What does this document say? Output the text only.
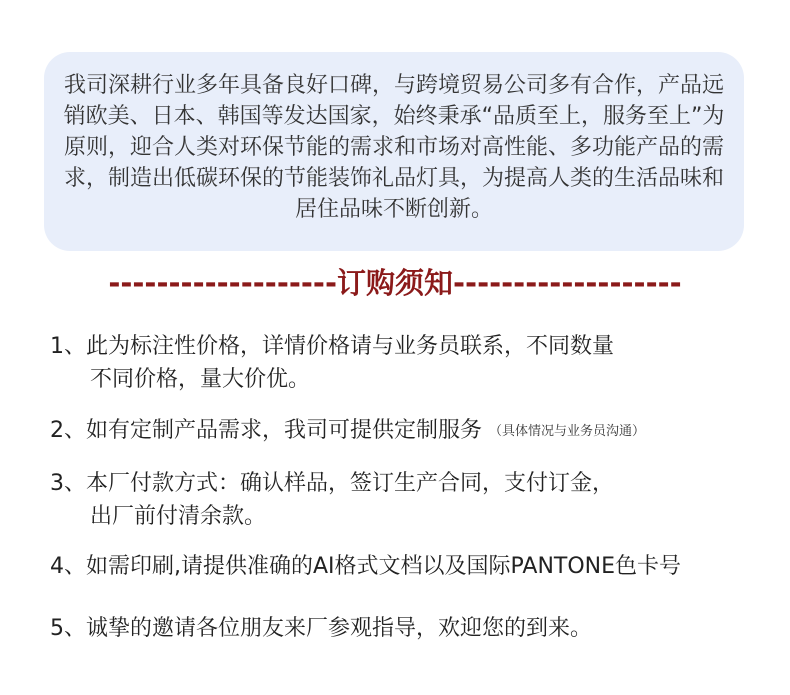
我司深耕行业多年具备良好口碑，与跨境贸易公司多有合作，产品远销欧美、日本、韩国等发达国家，始终秉承“品质至上，服务至上”为原则，迎合人类对环保节能的需求和市场对高性能、多功能产品的需求，制造出低碳环保的节能装饰礼品灯具，为提高人类的生活品味和居住品味不断创新。

-------------------订购须知-------------------
1、此为标注性价格，详情价格请与业务员联系，不同数量
不同价格，量大价优。
2、如有定制产品需求，我司可提供定制服务 （具体情况与业务员沟通）
3、本厂付款方式：确认样品，签订生产合同，支付订金，
出厂前付清余款。
4、如需印刷,请提供准确的AI格式文档以及国际PANTONE色卡号
5、诚挚的邀请各位朋友来厂参观指导，欢迎您的到来。
